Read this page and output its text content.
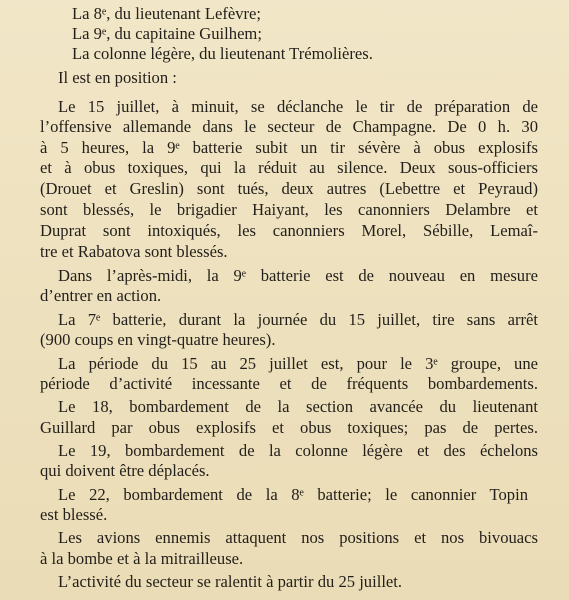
La 8ᵉ, du lieutenant Lefèvre;
La 9ᵉ, du capitaine Guilhem;
La colonne légère, du lieutenant Trémolières.
Il est en position :
Le 15 juillet, à minuit, se déclanche le tir de préparation de
l’offensive allemande dans le secteur de Champagne. De 0 h. 30
à 5 heures, la 9ᵉ batterie subit un tir sévère à obus explosifs
et à obus toxiques, qui la réduit au silence. Deux sous-officiers
(Drouet et Greslin) sont tués, deux autres (Lebettre et Peyraud)
sont blessés, le brigadier Haiyant, les canonniers Delambre et
Duprat sont intoxiqués, les canonniers Morel, Sébille, Lemaî-
tre et Rabatova sont blessés.
Dans l’après-midi, la 9ᵉ batterie est de nouveau en mesure
d’entrer en action.
La 7ᵉ batterie, durant la journée du 15 juillet, tire sans arrêt
(900 coups en vingt-quatre heures).
La période du 15 au 25 juillet est, pour le 3ᵉ groupe, une
période d’activité incessante et de fréquents bombardements.
Le 18, bombardement de la section avancée du lieutenant
Guillard par obus explosifs et obus toxiques; pas de pertes.
Le 19, bombardement de la colonne légère et des échelons
qui doivent être déplacés.
Le 22, bombardement de la 8ᵉ batterie; le canonnier Topin
est blessé.
Les avions ennemis attaquent nos positions et nos bivouacs
à la bombe et à la mitrailleuse.
L’activité du secteur se ralentit à partir du 25 juillet.
